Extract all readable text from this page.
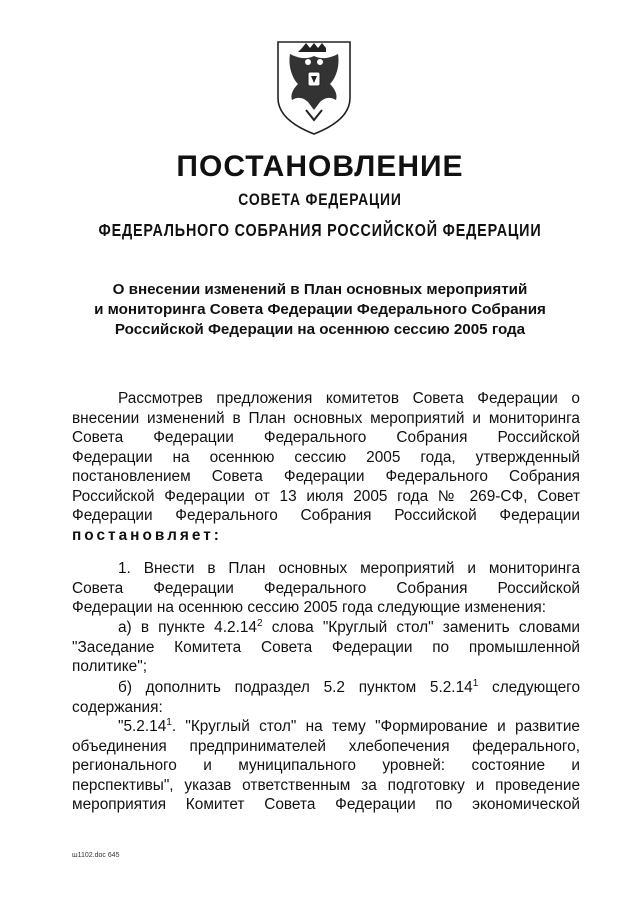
ПОСТАНОВЛЕНИЕ
СОВЕТА ФЕДЕРАЦИИ
ФЕДЕРАЛЬНОГО СОБРАНИЯ РОССИЙСКОЙ ФЕДЕРАЦИИ
О внесении изменений в План основных мероприятий
и мониторинга Совета Федерации Федерального Собрания
Российской Федерации на осеннюю сессию 2005 года
Рассмотрев предложения комитетов Совета Федерации о
внесении изменений в План основных мероприятий и мониторинга
Совета Федерации Федерального Собрания Российской
Федерации на осеннюю сессию 2005 года, утвержденный
постановлением Совета Федерации Федерального Собрания
Российской Федерации от 13 июля 2005 года № 269-СФ, Совет
Федерации Федерального Собрания Российской Федерации
постановляет:
1. Внести в План основных мероприятий и мониторинга
Совета Федерации Федерального Собрания Российской
Федерации на осеннюю сессию 2005 года следующие изменения:
а) в пункте 4.2.14$^2$ слова "Круглый стол" заменить словами
"Заседание Комитета Совета Федерации по промышленной
политике";
б) дополнить подраздел 5.2 пунктом 5.2.14$^1$ следующего
содержания:
"5.2.14$^1$. "Круглый стол" на тему "Формирование и развитие
объединения предпринимателей хлебопечения федерального,
регионального и муниципального уровней: состояние и
перспективы", указав ответственным за подготовку и проведение
мероприятия Комитет Совета Федерации по экономической
ш1102.doc 645
